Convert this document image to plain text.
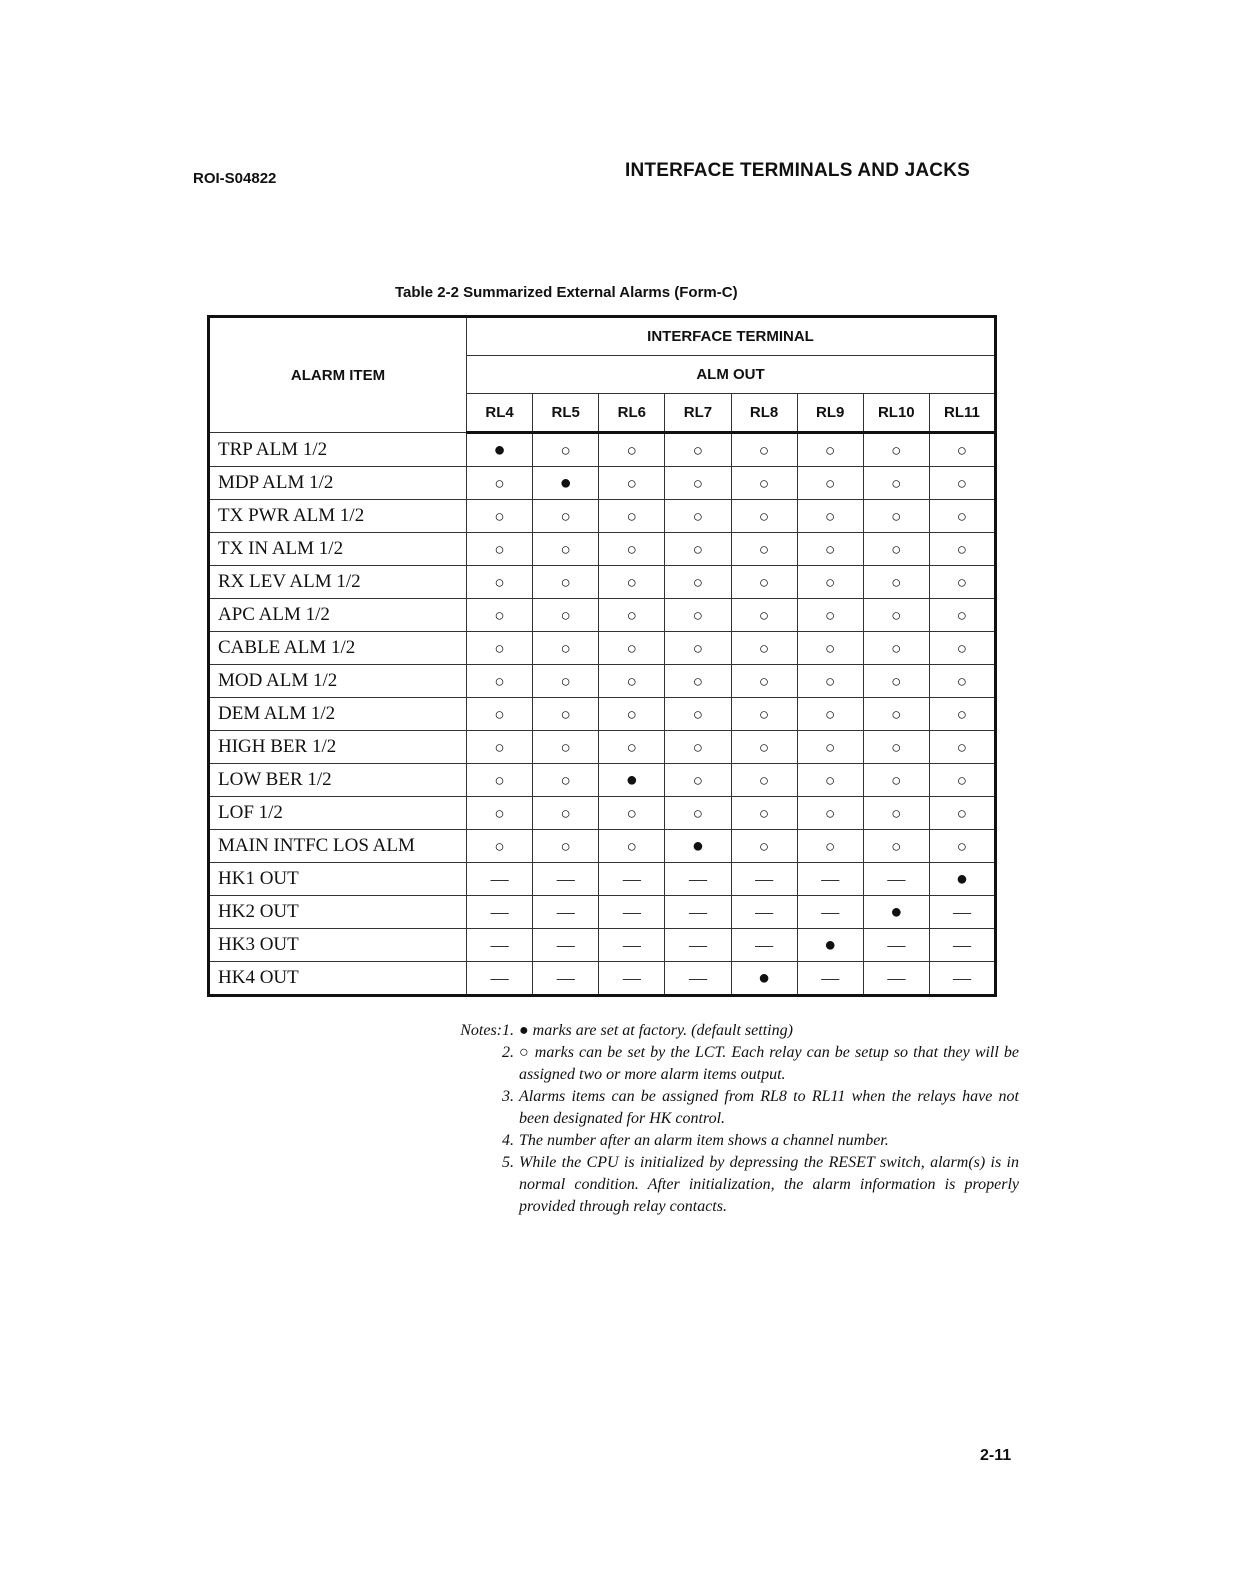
ROI-S04822	INTERFACE TERMINALS AND JACKS
Table 2-2 Summarized External Alarms (Form-C)
ALARM ITEM	INTERFACE TERMINAL							
	ALM OUT							
	RL4	RL5	RL6	RL7	RL8	RL9	RL10	RL11
TRP ALM 1/2	●	○	○	○	○	○	○	○
MDP ALM 1/2	○	●	○	○	○	○	○	○
TX PWR ALM 1/2	○	○	○	○	○	○	○	○
TX IN ALM 1/2	○	○	○	○	○	○	○	○
RX LEV ALM 1/2	○	○	○	○	○	○	○	○
APC ALM 1/2	○	○	○	○	○	○	○	○
CABLE ALM 1/2	○	○	○	○	○	○	○	○
MOD ALM 1/2	○	○	○	○	○	○	○	○
DEM ALM 1/2	○	○	○	○	○	○	○	○
HIGH BER 1/2	○	○	○	○	○	○	○	○
LOW BER 1/2	○	○	●	○	○	○	○	○
LOF 1/2	○	○	○	○	○	○	○	○
MAIN INTFC LOS ALM	○	○	○	●	○	○	○	○
HK1 OUT	—	—	—	—	—	—	—	●
HK2 OUT	—	—	—	—	—	—	●	—
HK3 OUT	—	—	—	—	—	●	—	—
HK4 OUT	—	—	—	—	●	—	—	—
Notes:1. ● marks are set at factory. (default setting)
2. ○ marks can be set by the LCT. Each relay can be setup so that they will be assigned two or more alarm items output.
3. Alarms items can be assigned from RL8 to RL11 when the relays have not been designated for HK control.
4. The number after an alarm item shows a channel number.
5. While the CPU is initialized by depressing the RESET switch, alarm(s) is in normal condition. After initialization, the alarm information is properly provided through relay contacts.
2-11
